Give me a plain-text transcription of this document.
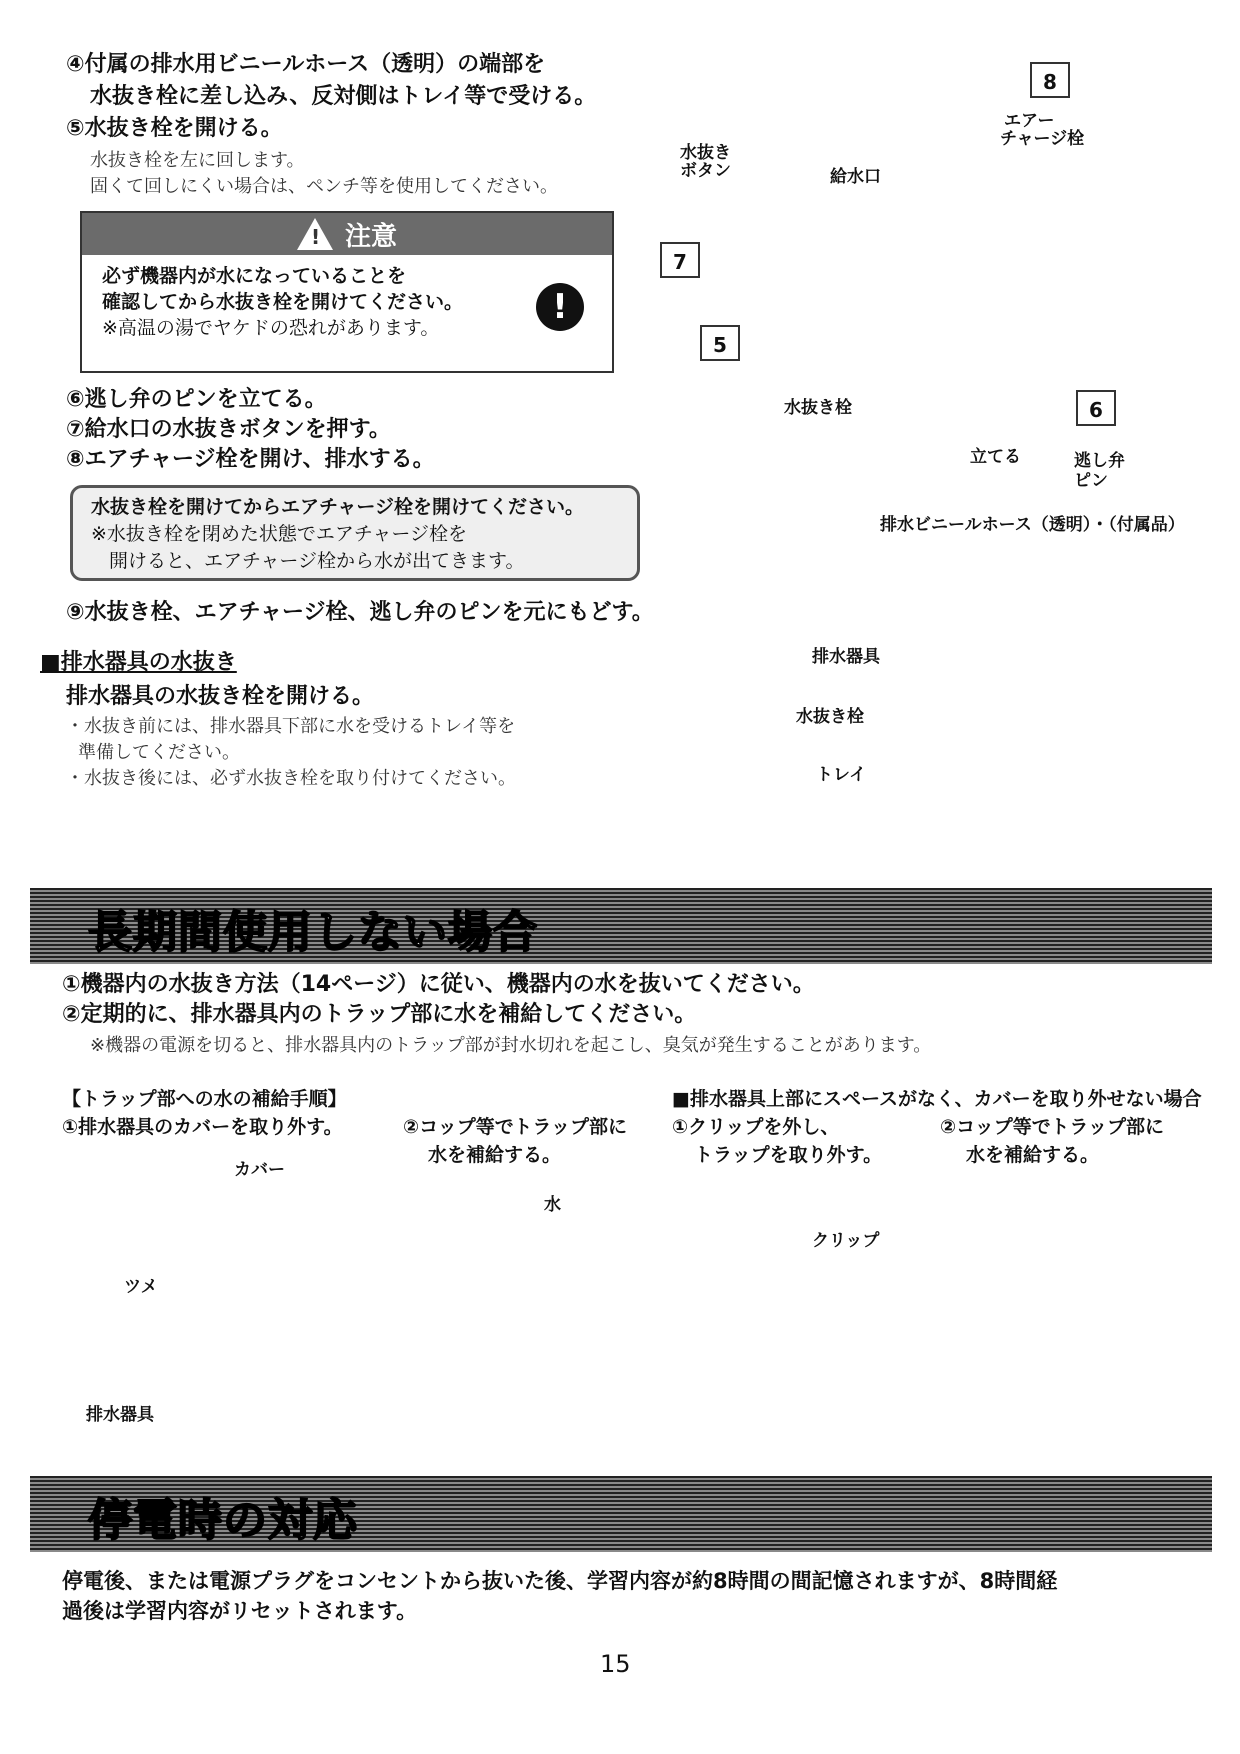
④付属の排水用ビニールホース（透明）の端部を
水抜き栓に差し込み、反対側はトレイ等で受ける。
⑤水抜き栓を開ける。
水抜き栓を左に回します。
固くて回しにくい場合は、ペンチ等を使用してください。
! 注意
必ず機器内が水になっていることを
確認してから水抜き栓を開けてください。
※高温の湯でヤケドの恐れがあります。
!
⑥逃し弁のピンを立てる。
⑦給水口の水抜きボタンを押す。
⑧エアチャージ栓を開け、排水する。
水抜き栓を開けてからエアチャージ栓を開けてください。
※水抜き栓を閉めた状態でエアチャージ栓を
開けると、エアチャージ栓から水が出てきます。
⑨水抜き栓、エアチャージ栓、逃し弁のピンを元にもどす。
8
エアー
チャージ栓
水抜き
ボタン
7
給水口
5
水抜き栓	6
立てる	逃し弁
ピン
排水ビニールホース（透明）・（付属品）
■排水器具の水抜き
排水器具の水抜き栓を開ける。
・水抜き前には、排水器具下部に水を受けるトレイ等を
準備してください。
・水抜き後には、必ず水抜き栓を取り付けてください。
排水器具
水抜き栓
トレイ
長期間使用しない場合
①機器内の水抜き方法（14ページ）に従い、機器内の水を抜いてください。
②定期的に、排水器具内のトラップ部に水を補給してください。
※機器の電源を切ると、排水器具内のトラップ部が封水切れを起こし、臭気が発生することがあります。
【トラップ部への水の補給手順】
①排水器具のカバーを取り外す。	②コップ等でトラップ部に
水を補給する。
■排水器具上部にスペースがなく、カバーを取り外せない場合
①クリップを外し、
トラップを取り外す。
②コップ等でトラップ部に
水を補給する。
カバー
ツメ
排水器具
水
クリップ
停電時の対応
停電後、または電源プラグをコンセントから抜いた後、学習内容が約8時間の間記憶されますが、8時間経
過後は学習内容がリセットされます。
15
